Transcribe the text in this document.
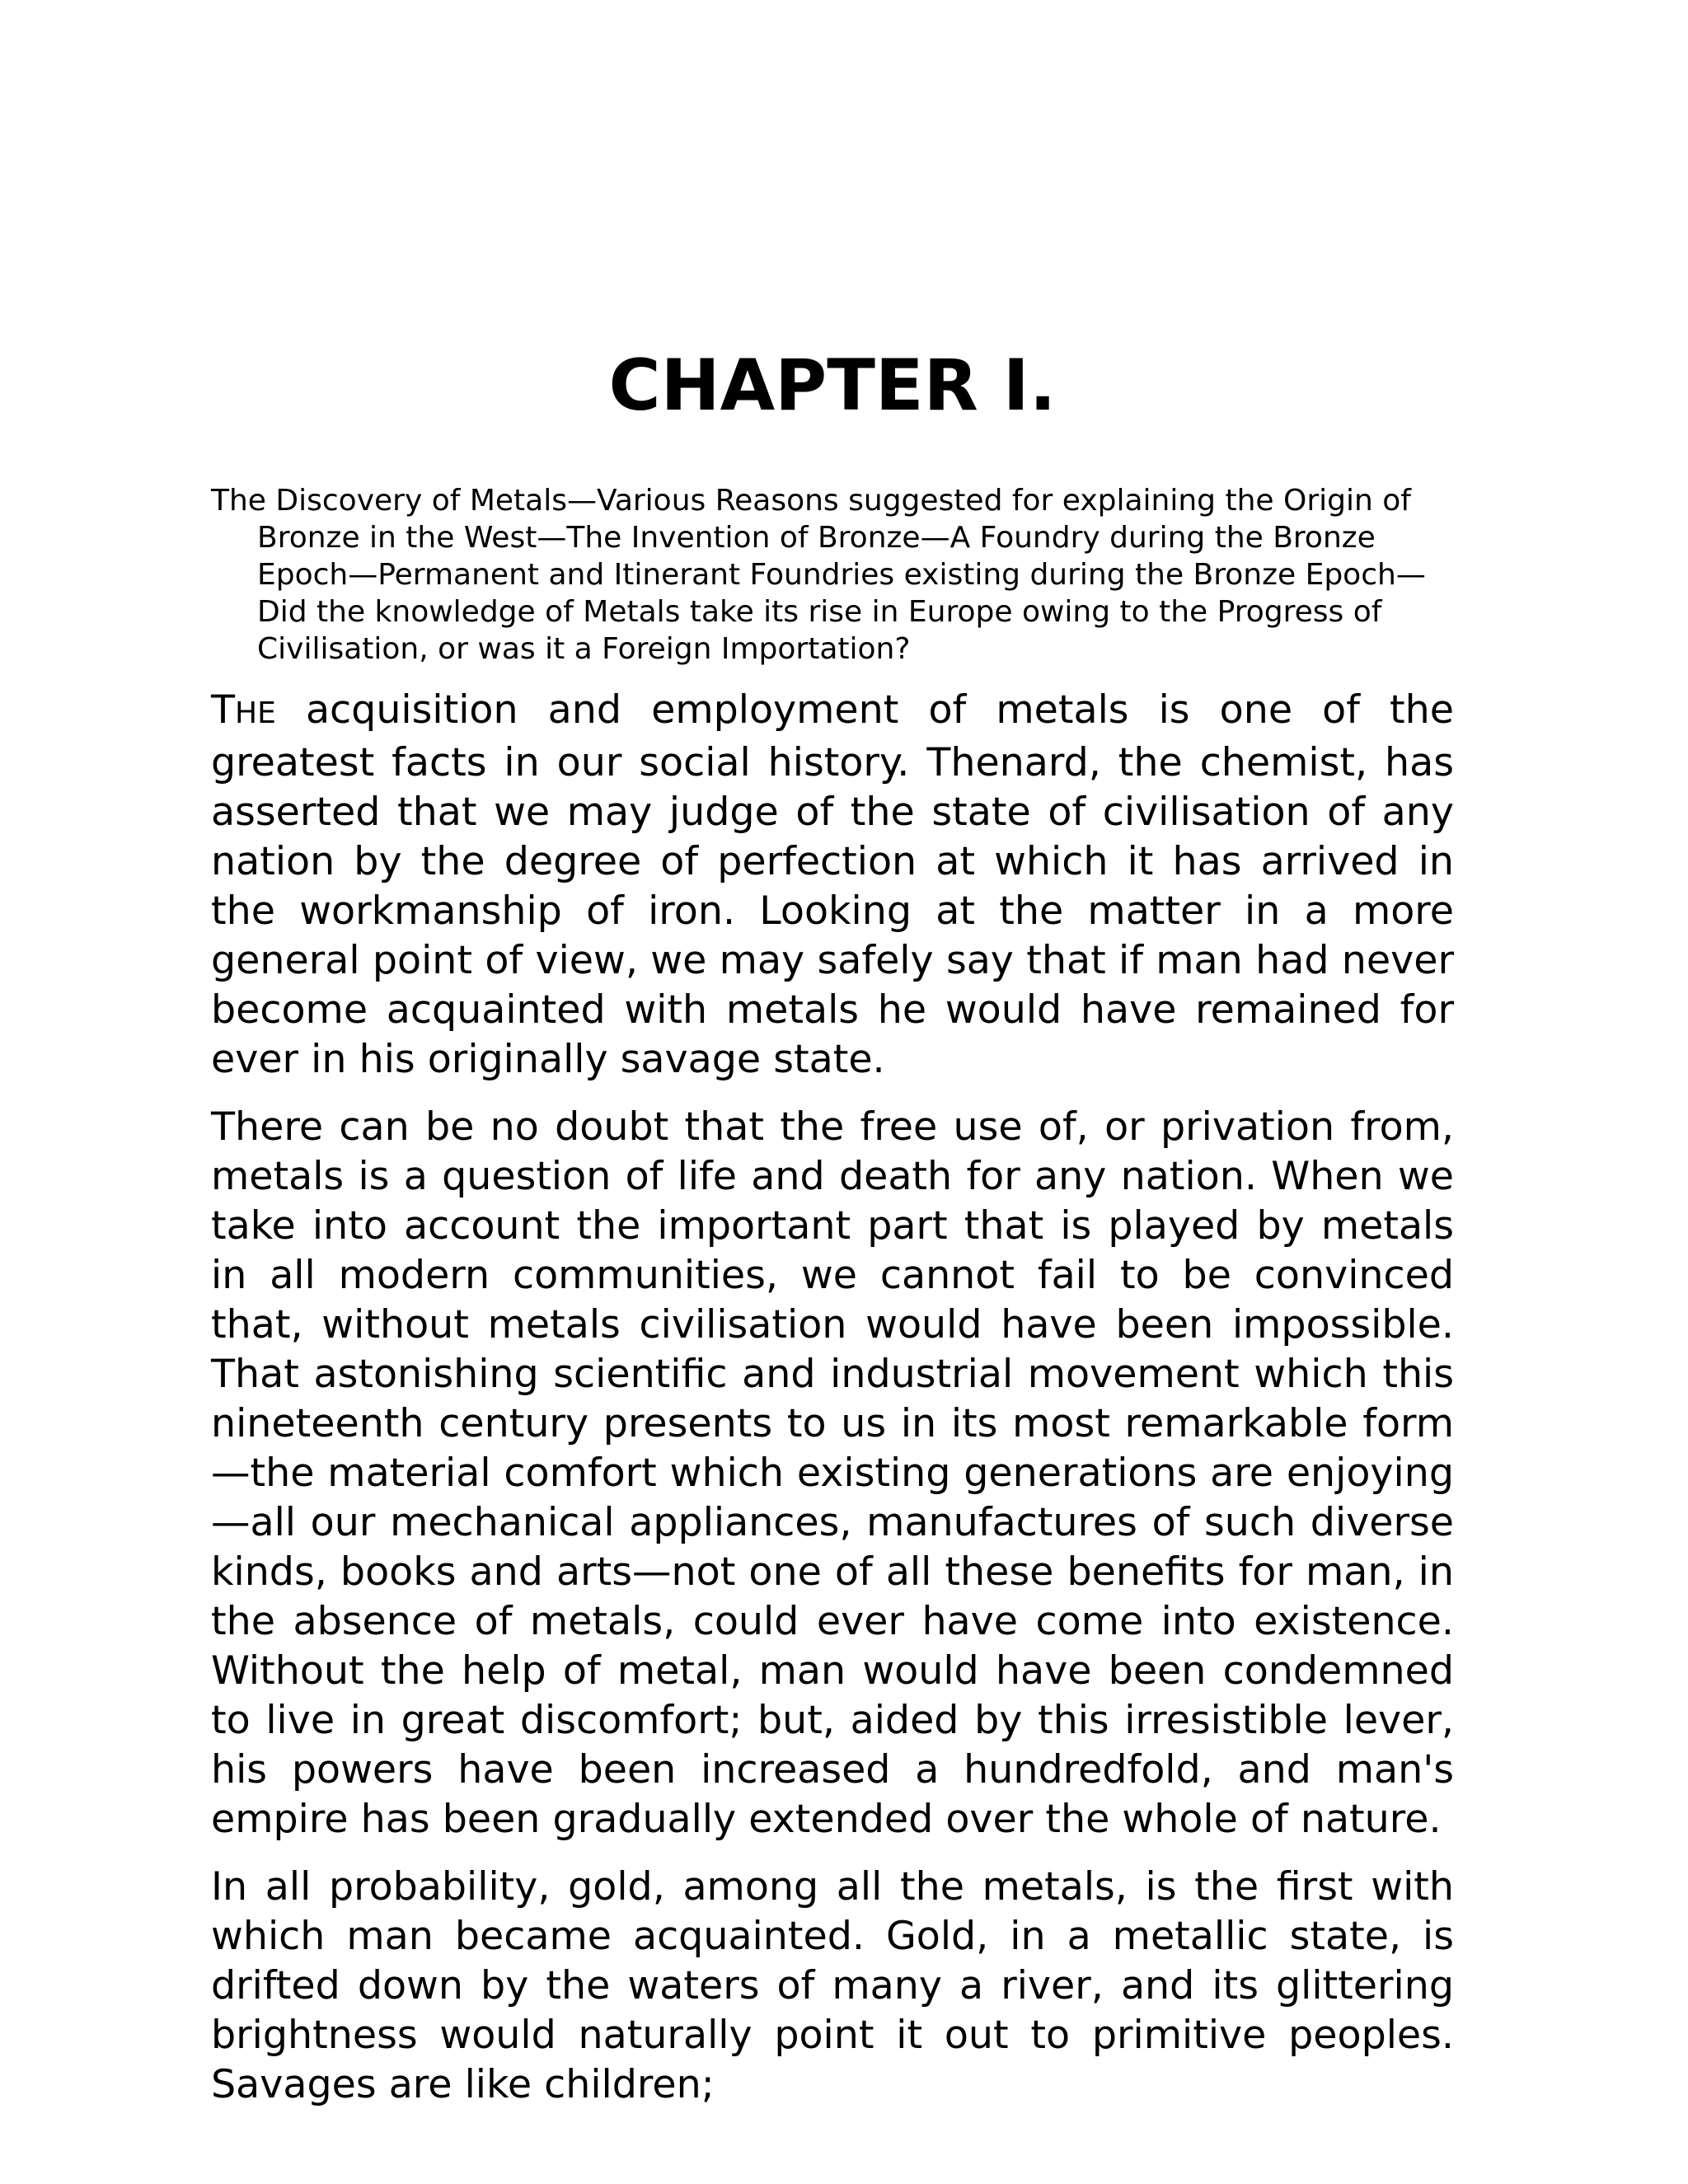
CHAPTER I.

The Discovery of Metals—Various Reasons suggested for explaining the Origin of Bronze in the West—The Invention of Bronze—A Foundry during the Bronze Epoch—Permanent and Itinerant Foundries existing during the Bronze Epoch—Did the knowledge of Metals take its rise in Europe owing to the Progress of Civilisation, or was it a Foreign Importation?

THE acquisition and employment of metals is one of the greatest facts in our social history. Thenard, the chemist, has asserted that we may judge of the state of civilisation of any nation by the degree of perfection at which it has arrived in the workmanship of iron. Looking at the matter in a more general point of view, we may safely say that if man had never become acquainted with metals he would have remained for ever in his originally savage state.

There can be no doubt that the free use of, or privation from, metals is a question of life and death for any nation. When we take into account the important part that is played by metals in all modern communities, we cannot fail to be convinced that, without metals civilisation would have been impossible. That astonishing scientific and industrial movement which this nineteenth century presents to us in its most remarkable form—the material comfort which existing generations are enjoying—all our mechanical appliances, manufactures of such diverse kinds, books and arts—not one of all these benefits for man, in the absence of metals, could ever have come into existence. Without the help of metal, man would have been condemned to live in great discomfort; but, aided by this irresistible lever, his powers have been increased a hundredfold, and man's empire has been gradually extended over the whole of nature.

In all probability, gold, among all the metals, is the first with which man became acquainted. Gold, in a metallic state, is drifted down by the waters of many a river, and its glittering brightness would naturally point it out to primitive peoples. Savages are like children;
